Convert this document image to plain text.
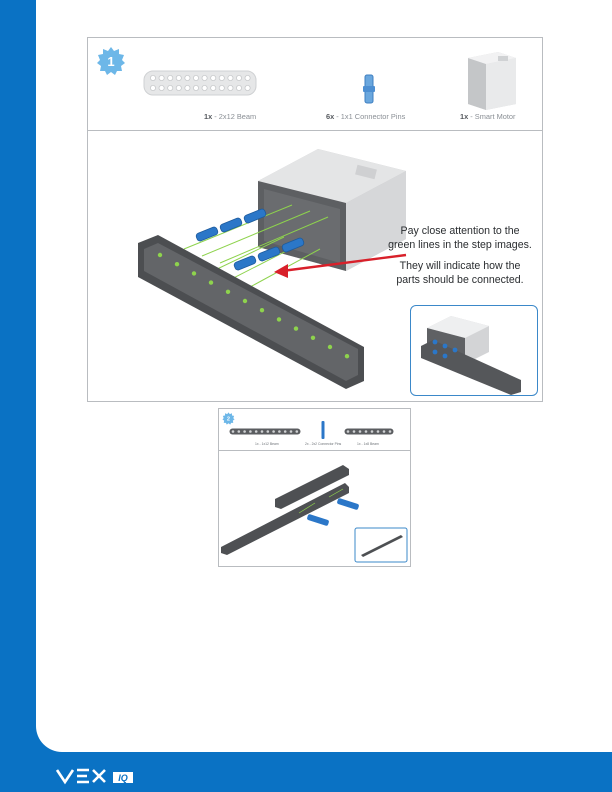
1
1x - 2x12 Beam	6x - 1x1 Connector Pins	1x - Smart Motor
Pay close attention to the
green lines in the step images.
They will indicate how the
parts should be connected.
2
1x - 1x12 Beam	2x - 2x2 Connector Pins	1x - 1x8 Beam
IQ
